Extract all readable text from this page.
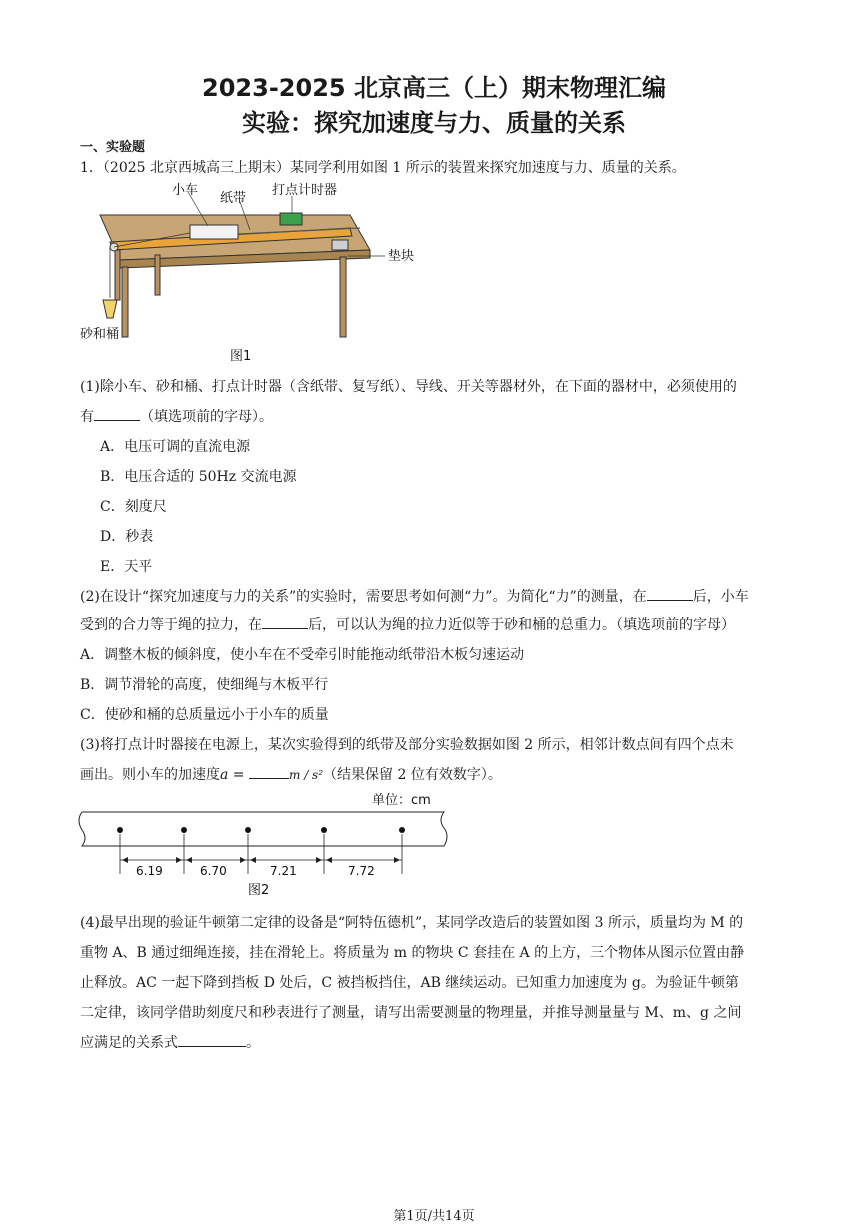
2023-2025 北京高三（上）期末物理汇编
实验：探究加速度与力、质量的关系
一、实验题
1．（2025 北京西城高三上期末）某同学利用如图 1 所示的装置来探究加速度与力、质量的关系。
小车
纸带
打点计时器
垫块
砂和桶
图1
(1)除小车、砂和桶、打点计时器（含纸带、复写纸）、导线、开关等器材外，在下面的器材中，必须使用的
有	（填选项前的字母）。
A．电压可调的直流电源
B．电压合适的 50Hz 交流电源
C．刻度尺
D．秒表
E．天平
(2)在设计“探究加速度与力的关系”的实验时，需要思考如何测“力”。为简化“力”的测量，在	后，小车
受到的合力等于绳的拉力，在	后，可以认为绳的拉力近似等于砂和桶的总重力。（填选项前的字母）
A．调整木板的倾斜度，使小车在不受牵引时能拖动纸带沿木板匀速运动
B．调节滑轮的高度，使细绳与木板平行
C．使砂和桶的总质量远小于小车的质量
(3)将打点计时器接在电源上，某次实验得到的纸带及部分实验数据如图 2 所示，相邻计数点间有四个点未
画出。则小车的加速度a =	m / s²（结果保留 2 位有效数字）。
单位：cm
6.19	6.70	7.21	7.72
图2
(4)最早出现的验证牛顿第二定律的设备是“阿特伍德机”，某同学改造后的装置如图 3 所示，质量均为 M 的
重物 A、B 通过细绳连接，挂在滑轮上。将质量为 m 的物块 C 套挂在 A 的上方，三个物体从图示位置由静
止释放。AC 一起下降到挡板 D 处后，C 被挡板挡住，AB 继续运动。已知重力加速度为 g。为验证牛顿第
二定律，该同学借助刻度尺和秒表进行了测量，请写出需要测量的物理量，并推导测量量与 M、m、g 之间
应满足的关系式	。
第1页/共14页
